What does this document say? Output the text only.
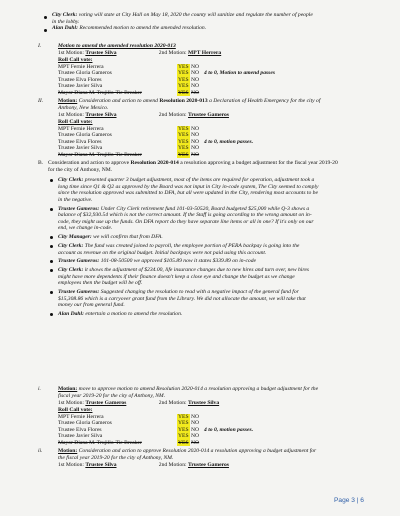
City Clerk: voting will state at City Hall on May 18, 2020 the county will sanitize and regulate the number of people
in the lobby.
Alan Dahl: Recommended motion to amend the amended resolution.
I.	Motion to amend the amended resolution 2020-013
1st Motion: Trustee Silva	2nd Motion: MPT Herrera
Roll Call vote:
MPT Fernie Herrera	YES NO
Trustee Gloria Gameros	YES NO 4 to 0, Motion to amend passes
Trustee Elva Flores	YES NO
Trustee Javier Silva	YES NO
Mayor Diana M. Trujillo-Tie Breaker	YES NO
II.	Motion: Consideration and action to amend Resolution 2020-013 a Declaration of Health Emergency for the city of
Anthony, New Mexico.
1st Motion: Trustee Silva	2nd Motion: Trustee Gameros
Roll Call vote:
MPT Fernie Herrera	YES NO
Trustee Gloria Gameros	YES NO
Trustee Elva Flores	YES NO 4 to 0, motion passes.
Trustee Javier Silva	YES NO
Mayor Diana M. Trujillo-Tie Breaker	YES NO
B. Consideration and action to approve Resolution 2020-014 a resolution approving a budget adjustment for the fiscal year 2019-20
for the city of Anthony, NM.
City Clerk: presented quarter 3 budget adjustment, most of the items are required for operation, adjustment took a
long time since Q1 & Q2 as approved by the Board was not input in City in-code system, The City seemed to comply
since the resolution approved was submitted to DFA, but all were updated in the City, rendering most accounts to be
in the negative.
Trustee Gameros: Under City Clerk retirement fund 101-03-50520, Board budgeted $25,000 while Q-3 shows a
balance of $32,930.54 which is not the correct amount. If the Staff is going according to the wrong amount on in-
code, they might use up the funds. On DFA report do they have separate line items or all in one? If it's only on our
end, we change in-code.
City Manager: we will confirm that from DFA.
City Clerk: The fund was created joined to payroll, the employee portion of PERA backpay is going into the
account as revenue on the original budget. Initial backpays were not paid using this account.
Trustee Gameros: 101-08-50500 we approved $105.89 now it states $339.89 on in-code
City Clerk: it shows the adjustment of $234.00, life insurance changes due to new hires and turn over, new hires
might have more dependents if their finance doesn't keep a close eye and change the budget as we change
employees then the budget will be off.
Trustee Gameros: Suggested changing the resolution to read with a negative impact of the general fund for
$15,308.86 which is a carryover grant fund from the Library. We did not allocate the amount, we will take that
money our from general fund.
Alan Dahl: entertain a motion to amend the resolution.
i.	Motion: move to approve motion to amend Resolution 2020-014 a resolution approving a budget adjustment for the
fiscal year 2019-20 for the city of Anthony, NM.
1st Motion: Trustee Gameros	2nd Motion: Trustee Silva
Roll Call vote:
MPT Fernie Herrera	YES NO
Trustee Gloria Gameros	YES NO
Trustee Elva Flores	YES NO 4 to 0, motion passes.
Trustee Javier Silva	YES NO
Mayor Diana M. Trujillo-Tie Breaker	YES NO
ii.	Motion: Consideration and action to approve Resolution 2020-014 a resolution approving a budget adjustment for
the fiscal year 2019-20 for the city of Anthony, NM.
1st Motion: Trustee Silva	2nd Motion: Trustee Gameros
Page 3 | 6
